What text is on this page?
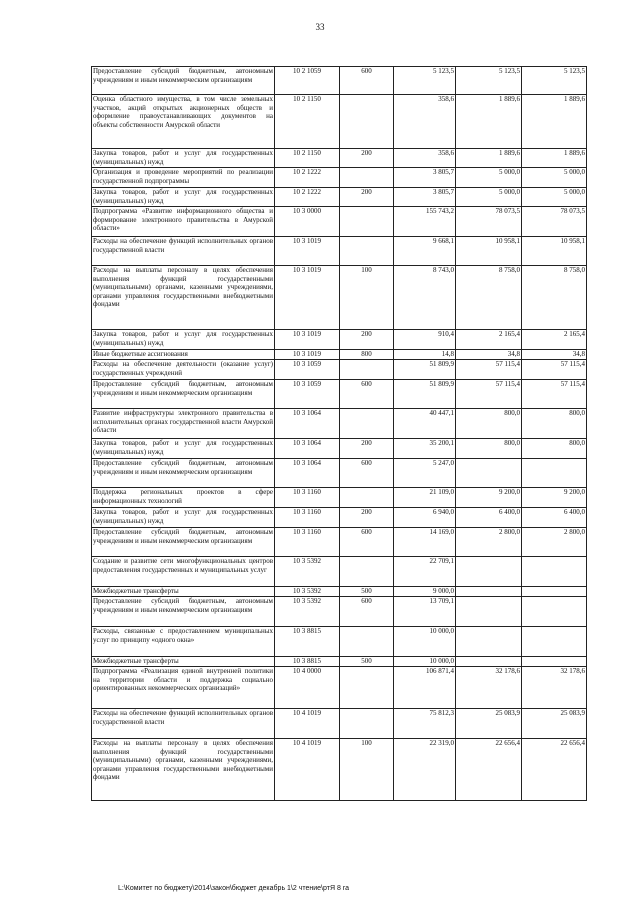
33
Предоставление субсидий бюджетным, автономным учреждениям и иным некоммерческим организациям	10 2 1059	600	5 123,5	5 123,5	5 123,5
Оценка областного имущества, в том числе земельных участков, акций открытых акционерных обществ и оформление правоустанавливающих документов на объекты собственности Амурской области	10 2 1150		358,6	1 889,6	1 889,6
Закупка товаров, работ и услуг для государственных (муниципальных) нужд	10 2 1150	200	358,6	1 889,6	1 889,6
Организация и проведение мероприятий по реализации государственной подпрограммы	10 2 1222		3 805,7	5 000,0	5 000,0
Закупка товаров, работ и услуг для государственных (муниципальных) нужд	10 2 1222	200	3 805,7	5 000,0	5 000,0
Подпрограмма «Развитие информационного общества и формирование электронного правительства в Амурской области»	10 3 0000		155 743,2	78 073,5	78 073,5
Расходы на обеспечение функций исполнительных органов государственной власти	10 3 1019		9 668,1	10 958,1	10 958,1
Расходы на выплаты персоналу в целях обеспечения выполнения функций государственными (муниципальными) органами, казенными учреждениями, органами управления государственными внебюджетными фондами	10 3 1019	100	8 743,0	8 758,0	8 758,0
Закупка товаров, работ и услуг для государственных (муниципальных) нужд	10 3 1019	200	910,4	2 165,4	2 165,4
Иные бюджетные ассигнования	10 3 1019	800	14,8	34,8	34,8
Расходы на обеспечение деятельности (оказание услуг) государственных учреждений	10 3 1059		51 809,9	57 115,4	57 115,4
Предоставление субсидий бюджетным, автономным учреждениям и иным некоммерческим организациям	10 3 1059	600	51 809,9	57 115,4	57 115,4
Развитие инфраструктуры электронного правительства в исполнительных органах государственной власти Амурской области	10 3 1064		40 447,1	800,0	800,0
Закупка товаров, работ и услуг для государственных (муниципальных) нужд	10 3 1064	200	35 200,1	800,0	800,0
Предоставление субсидий бюджетным, автономным учреждениям и иным некоммерческим организациям	10 3 1064	600	5 247,0		
Поддержка региональных проектов в сфере информационных технологий	10 3 1160		21 109,0	9 200,0	9 200,0
Закупка товаров, работ и услуг для государственных (муниципальных) нужд	10 3 1160	200	6 940,0	6 400,0	6 400,0
Предоставление субсидий бюджетным, автономным учреждениям и иным некоммерческим организациям	10 3 1160	600	14 169,0	2 800,0	2 800,0
Создание и развитие сети многофункциональных центров предоставления государственных и муниципальных услуг	10 3 5392		22 709,1		
Межбюджетные трансферты	10 3 5392	500	9 000,0		
Предоставление субсидий бюджетным, автономным учреждениям и иным некоммерческим организациям	10 3 5392	600	13 709,1		
Расходы, связанные с предоставлением муниципальных услуг по принципу «одного окна»	10 3 8815		10 000,0		
Межбюджетные трансферты	10 3 8815	500	10 000,0		
Подпрограмма «Реализация единой внутренней политики на территории области и поддержка социально ориентированных некоммерческих организаций»	10 4 0000		106 871,4	32 178,6	32 178,6
Расходы на обеспечение функций исполнительных органов государственной власти	10 4 1019		75 812,3	25 083,9	25 083,9
Расходы на выплаты персоналу в целях обеспечения выполнения функций государственными (муниципальными) органами, казенными учреждениями, органами управления государственными внебюджетными фондами	10 4 1019	100	22 319,0	22 656,4	22 656,4
L:\Комитет по бюджету\2014\закон\бюджет декабрь 1\2 чтение\ртЯ 8 ra
